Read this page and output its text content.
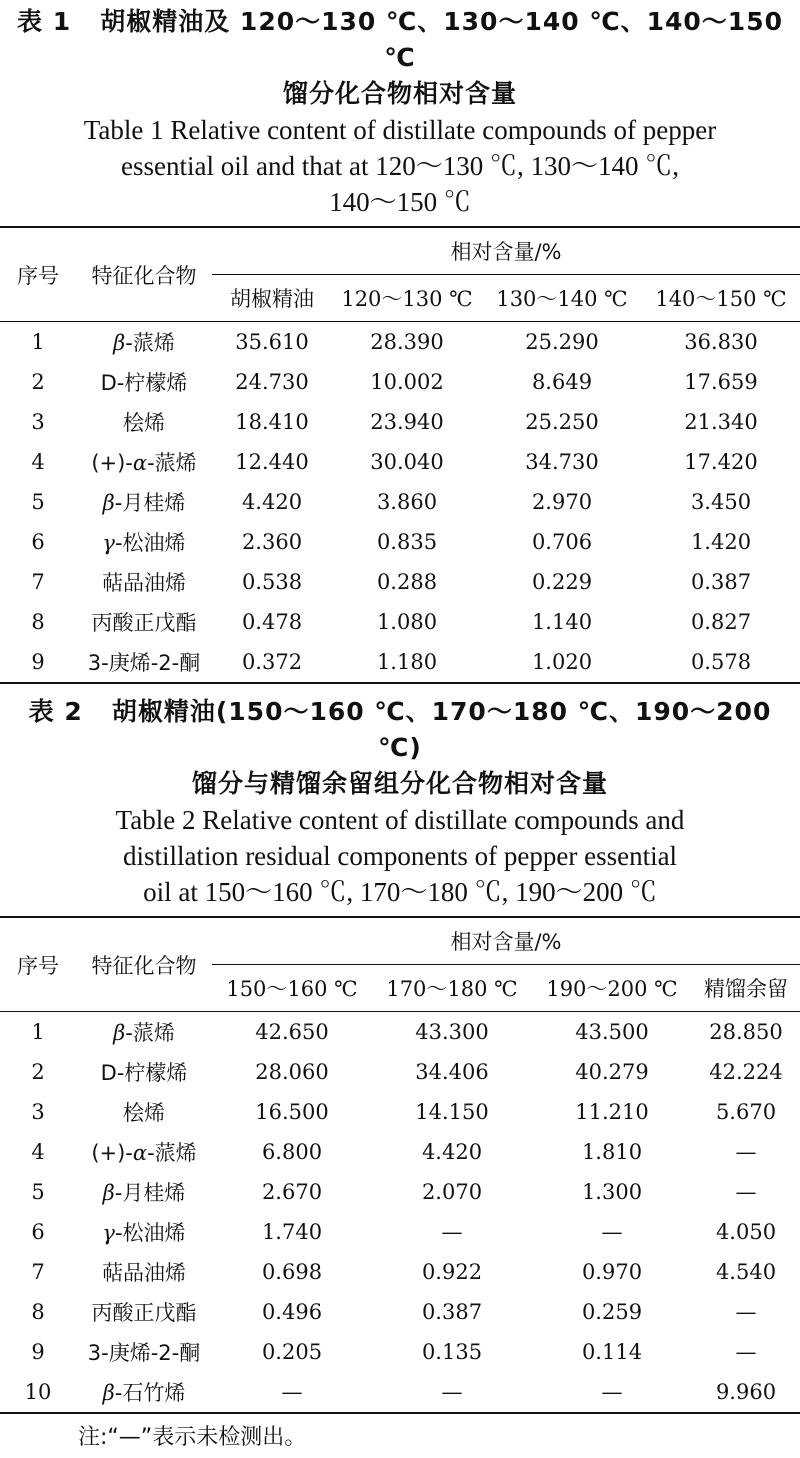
表 1 胡椒精油及 120～130 ℃、130～140 ℃、140～150 ℃
馏分化合物相对含量
Table 1 Relative content of distillate compounds of pepper
essential oil and that at 120～130 ℃, 130～140 ℃,
140～150 ℃
序号	特征化合物	相对含量/%			
		胡椒精油	120～130 ℃	130～140 ℃	140～150 ℃
1	β-蒎烯	35.610	28.390	25.290	36.830
2	D-柠檬烯	24.730	10.002	8.649	17.659
3	桧烯	18.410	23.940	25.250	21.340
4	(+)-α-蒎烯	12.440	30.040	34.730	17.420
5	β-月桂烯	4.420	3.860	2.970	3.450
6	γ-松油烯	2.360	0.835	0.706	1.420
7	萜品油烯	0.538	0.288	0.229	0.387
8	丙酸正戊酯	0.478	1.080	1.140	0.827
9	3-庚烯-2-酮	0.372	1.180	1.020	0.578
表 2 胡椒精油(150～160 ℃、170～180 ℃、190～200 ℃)
馏分与精馏余留组分化合物相对含量
Table 2 Relative content of distillate compounds and
distillation residual components of pepper essential
oil at 150～160 ℃, 170～180 ℃, 190～200 ℃
序号	特征化合物	相对含量/%			
		150～160 ℃	170～180 ℃	190～200 ℃	精馏余留
1	β-蒎烯	42.650	43.300	43.500	28.850
2	D-柠檬烯	28.060	34.406	40.279	42.224
3	桧烯	16.500	14.150	11.210	5.670
4	(+)-α-蒎烯	6.800	4.420	1.810	—
5	β-月桂烯	2.670	2.070	1.300	—
6	γ-松油烯	1.740	—	—	4.050
7	萜品油烯	0.698	0.922	0.970	4.540
8	丙酸正戊酯	0.496	0.387	0.259	—
9	3-庚烯-2-酮	0.205	0.135	0.114	—
10	β-石竹烯	—	—	—	9.960
注:“—”表示未检测出。
